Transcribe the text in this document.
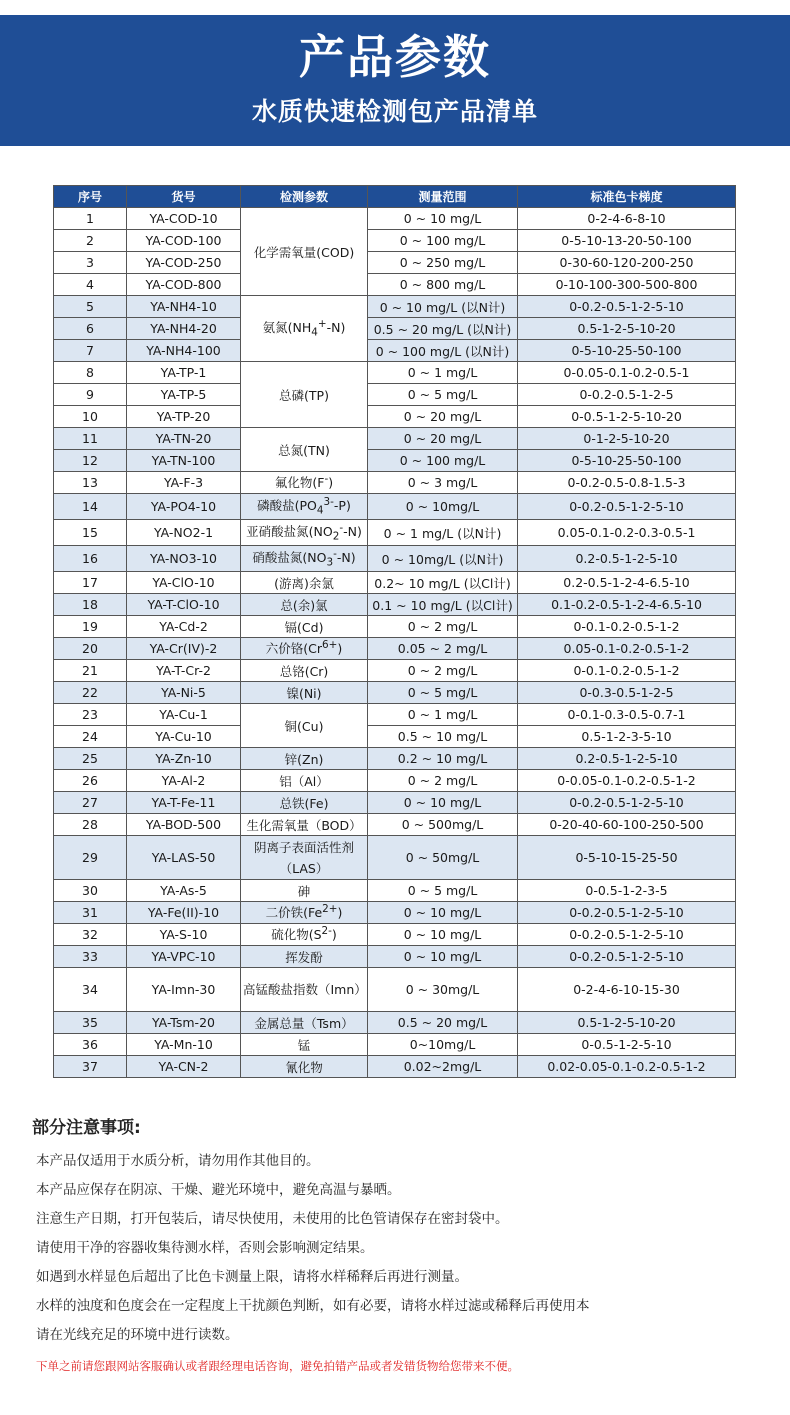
产品参数
水质快速检测包产品清单
序号	货号	检测参数	测量范围	标准色卡梯度
1	YA-COD-10	化学需氧量(COD)	0 ~ 10 mg/L	0-2-4-6-8-10
2	YA-COD-100		0 ~ 100 mg/L	0-5-10-13-20-50-100
3	YA-COD-250		0 ~ 250 mg/L	0-30-60-120-200-250
4	YA-COD-800		0 ~ 800 mg/L	0-10-100-300-500-800
5	YA-NH4-10	氨氮$(NH_4^+-N)$	0 ~ 10 mg/L (以N计)	0-0.2-0.5-1-2-5-10
6	YA-NH4-20		0.5 ~ 20 mg/L (以N计)	0.5-1-2-5-10-20
7	YA-NH4-100		0 ~ 100 mg/L (以N计)	0-5-10-25-50-100
8	YA-TP-1	总磷(TP)	0 ~ 1 mg/L	0-0.05-0.1-0.2-0.5-1
9	YA-TP-5		0 ~ 5 mg/L	0-0.2-0.5-1-2-5
10	YA-TP-20		0 ~ 20 mg/L	0-0.5-1-2-5-10-20
11	YA-TN-20	总氮(TN)	0 ~ 20 mg/L	0-1-2-5-10-20
12	YA-TN-100		0 ~ 100 mg/L	0-5-10-25-50-100
13	YA-F-3	氟化物(F-)	0 ~ 3 mg/L	0-0.2-0.5-0.8-1.5-3
14	YA-PO4-10	磷酸盐$(PO_4^{3-}-P)$	0 ~ 10mg/L	0-0.2-0.5-1-2-5-10
15	YA-NO2-1	亚硝酸盐氮$(NO_2^--N)$	0 ~ 1 mg/L (以N计)	0.05-0.1-0.2-0.3-0.5-1
16	YA-NO3-10	硝酸盐氮$(NO_3^--N)$	0 ~ 10mg/L (以N计)	0.2-0.5-1-2-5-10
17	YA-ClO-10	(游离)余氯	0.2~ 10 mg/L (以Cl计)	0.2-0.5-1-2-4-6.5-10
18	YA-T-ClO-10	总(余)氯	0.1 ~ 10 mg/L (以Cl计)	0.1-0.2-0.5-1-2-4-6.5-10
19	YA-Cd-2	镉(Cd)	0 ~ 2 mg/L	0-0.1-0.2-0.5-1-2
20	YA-Cr(IV)-2	六价铬$(Cr^{6+})$	0.05 ~ 2 mg/L	0.05-0.1-0.2-0.5-1-2
21	YA-T-Cr-2	总铬(Cr)	0 ~ 2 mg/L	0-0.1-0.2-0.5-1-2
22	YA-Ni-5	镍(Ni)	0 ~ 5 mg/L	0-0.3-0.5-1-2-5
23	YA-Cu-1	铜(Cu)	0 ~ 1 mg/L	0-0.1-0.3-0.5-0.7-1
24	YA-Cu-10		0.5 ~ 10 mg/L	0.5-1-2-3-5-10
25	YA-Zn-10	锌(Zn)	0.2 ~ 10 mg/L	0.2-0.5-1-2-5-10
26	YA-Al-2	铝（Al）	0 ~ 2 mg/L	0-0.05-0.1-0.2-0.5-1-2
27	YA-T-Fe-11	总铁(Fe)	0 ~ 10 mg/L	0-0.2-0.5-1-2-5-10
28	YA-BOD-500	生化需氧量（BOD）	0 ~ 500mg/L	0-20-40-60-100-250-500
29	YA-LAS-50	阴离子表面活性剂（LAS）	0 ~ 50mg/L	0-5-10-15-25-50
30	YA-As-5	砷	0 ~ 5 mg/L	0-0.5-1-2-3-5
31	YA-Fe(II)-10	二价铁$(Fe^{2+})$	0 ~ 10 mg/L	0-0.2-0.5-1-2-5-10
32	YA-S-10	硫化物$(S^{2-})$	0 ~ 10 mg/L	0-0.2-0.5-1-2-5-10
33	YA-VPC-10	挥发酚	0 ~ 10 mg/L	0-0.2-0.5-1-2-5-10
34	YA-Imn-30	高锰酸盐指数（Imn）	0 ~ 30mg/L	0-2-4-6-10-15-30
35	YA-Tsm-20	金属总量（Tsm）	0.5 ~ 20 mg/L	0.5-1-2-5-10-20
36	YA-Mn-10	锰	0~10mg/L	0-0.5-1-2-5-10
37	YA-CN-2	氰化物	0.02~2mg/L	0.02-0.05-0.1-0.2-0.5-1-2
部分注意事项:
本产品仅适用于水质分析，请勿用作其他目的。
本产品应保存在阴凉、干燥、避光环境中，避免高温与暴晒。
注意生产日期，打开包装后，请尽快使用，未使用的比色管请保存在密封袋中。
请使用干净的容器收集待测水样，否则会影响测定结果。
如遇到水样显色后超出了比色卡测量上限，请将水样稀释后再进行测量。
水样的浊度和色度会在一定程度上干扰颜色判断，如有必要，请将水样过滤或稀释后再使用本
请在光线充足的环境中进行读数。
下单之前请您跟网站客服确认或者跟经理电话咨询，避免拍错产品或者发错货物给您带来不便。
